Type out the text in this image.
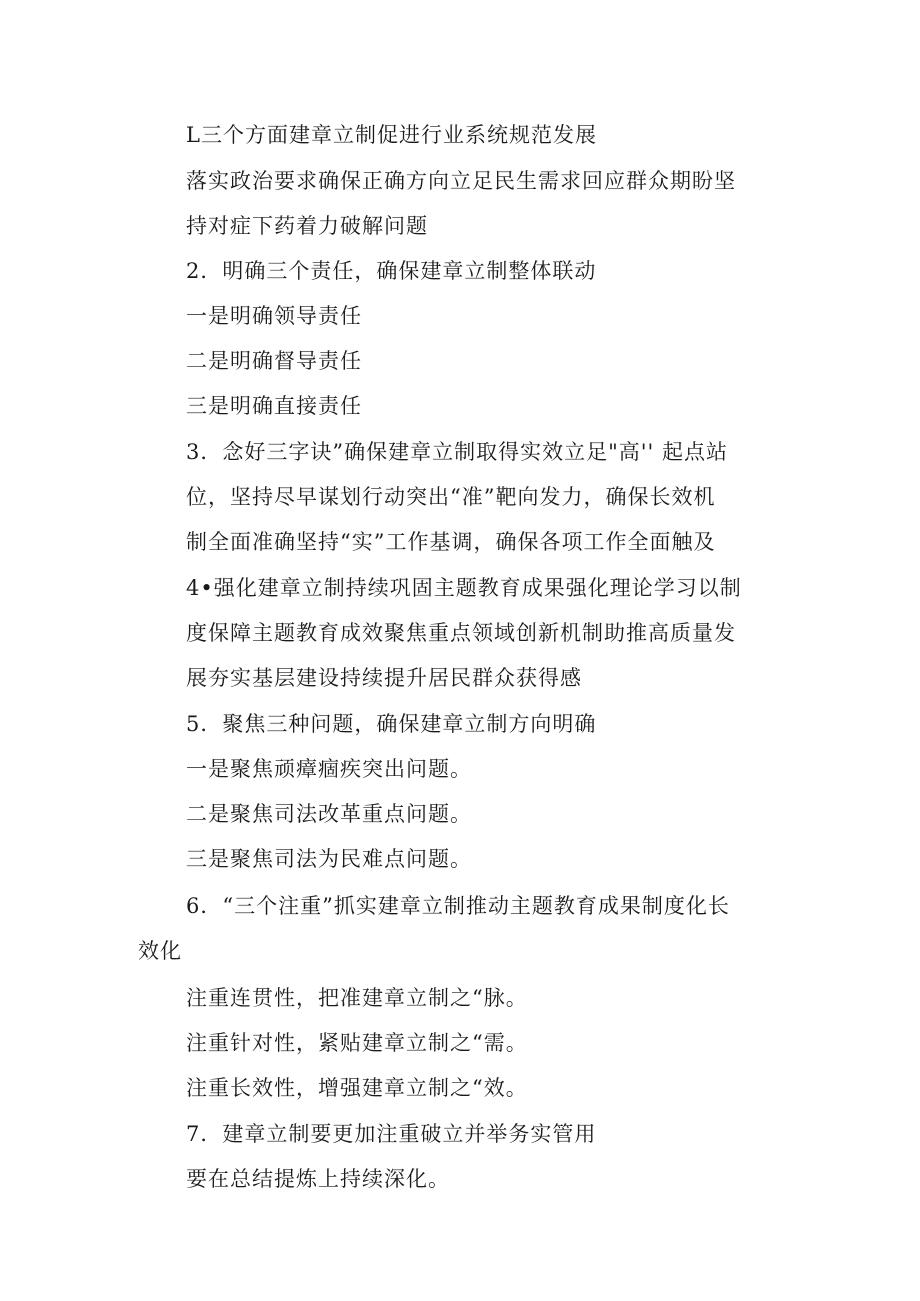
L三个方面建章立制促进行业系统规范发展
落实政治要求确保正确方向立足民生需求回应群众期盼坚
持对症下药着力破解问题
2．明确三个责任，确保建章立制整体联动
一是明确领导责任
二是明确督导责任
三是明确直接责任
3．念好三字诀”确保建章立制取得实效立足"高'' 起点站
位，坚持尽早谋划行动突出“准”靶向发力，确保长效机
制全面准确坚持“实”工作基调，确保各项工作全面触及
4•强化建章立制持续巩固主题教育成果强化理论学习以制
度保障主题教育成效聚焦重点领域创新机制助推高质量发
展夯实基层建设持续提升居民群众获得感
5．聚焦三种问题，确保建章立制方向明确
一是聚焦顽瘴痼疾突出问题。
二是聚焦司法改革重点问题。
三是聚焦司法为民难点问题。
6．“三个注重”抓实建章立制推动主题教育成果制度化长
效化
注重连贯性，把准建章立制之“脉。
注重针对性，紧贴建章立制之“需。
注重长效性，增强建章立制之“效。
7．建章立制要更加注重破立并举务实管用
要在总结提炼上持续深化。
